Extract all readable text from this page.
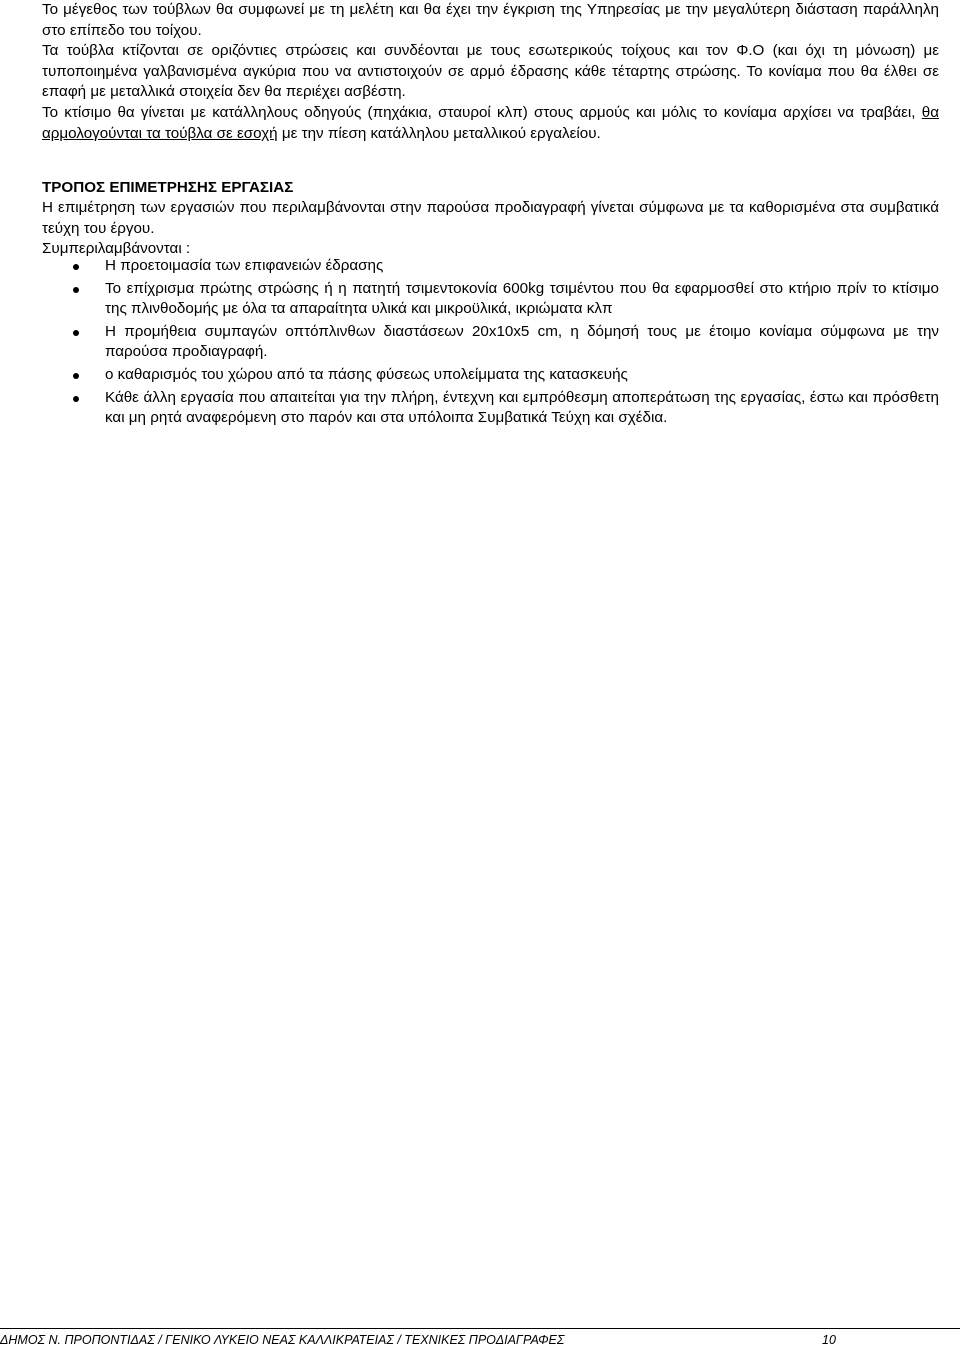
Το μέγεθος των τούβλων θα συμφωνεί με τη μελέτη και θα έχει την έγκριση της Υπηρεσίας με την μεγαλύτερη διάσταση παράλληλη στο επίπεδο του τοίχου.

Τα τούβλα κτίζονται σε οριζόντιες στρώσεις και συνδέονται με τους εσωτερικούς τοίχους και τον Φ.Ο (και όχι τη μόνωση) με τυποποιημένα γαλβανισμένα αγκύρια που να αντιστοιχούν σε αρμό έδρασης κάθε τέταρτης στρώσης. Το κονίαμα που θα έλθει σε επαφή με μεταλλικά στοιχεία δεν θα περιέχει ασβέστη.

Το κτίσιμο θα γίνεται με κατάλληλους οδηγούς (πηχάκια, σταυροί κλπ) στους αρμούς και μόλις το κονίαμα αρχίσει να τραβάει, θα αρμολογούνται τα τούβλα σε εσοχή με την πίεση κατάλληλου μεταλλικού εργαλείου.

ΤΡΟΠΟΣ ΕΠΙΜΕΤΡΗΣΗΣ ΕΡΓΑΣΙΑΣ

Η επιμέτρηση των εργασιών που περιλαμβάνονται στην παρούσα προδιαγραφή γίνεται σύμφωνα με τα καθορισμένα στα συμβατικά τεύχη του έργου.

Συμπεριλαμβάνονται :

Η προετοιμασία των επιφανειών έδρασης
Το επίχρισμα πρώτης στρώσης ή η πατητή τσιμεντοκονία 600kg τσιμέντου που θα εφαρμοσθεί στο κτήριο πρίν το κτίσιμο της πλινθοδομής με όλα τα απαραίτητα υλικά και μικροϋλικά, ικριώματα κλπ
Η προμήθεια συμπαγών οπτόπλινθων διαστάσεων 20x10x5 cm, η δόμησή τους με έτοιμο κονίαμα σύμφωνα με την παρούσα προδιαγραφή.
ο καθαρισμός του χώρου από τα πάσης φύσεως υπολείμματα της κατασκευής
Κάθε άλλη εργασία που απαιτείται για την πλήρη, έντεχνη και εμπρόθεσμη αποπεράτωση της εργασίας, έστω και πρόσθετη και μη ρητά αναφερόμενη στο παρόν και στα υπόλοιπα Συμβατικά Τεύχη και σχέδια.
ΔΗΜΟΣ Ν. ΠΡΟΠΟΝΤΙΔΑΣ / ΓΕΝΙΚΟ ΛΥΚΕΙΟ ΝΕΑΣ ΚΑΛΛΙΚΡΑΤΕΙΑΣ / ΤΕΧΝΙΚΕΣ ΠΡΟΔΙΑΓΡΑΦΕΣ	10
